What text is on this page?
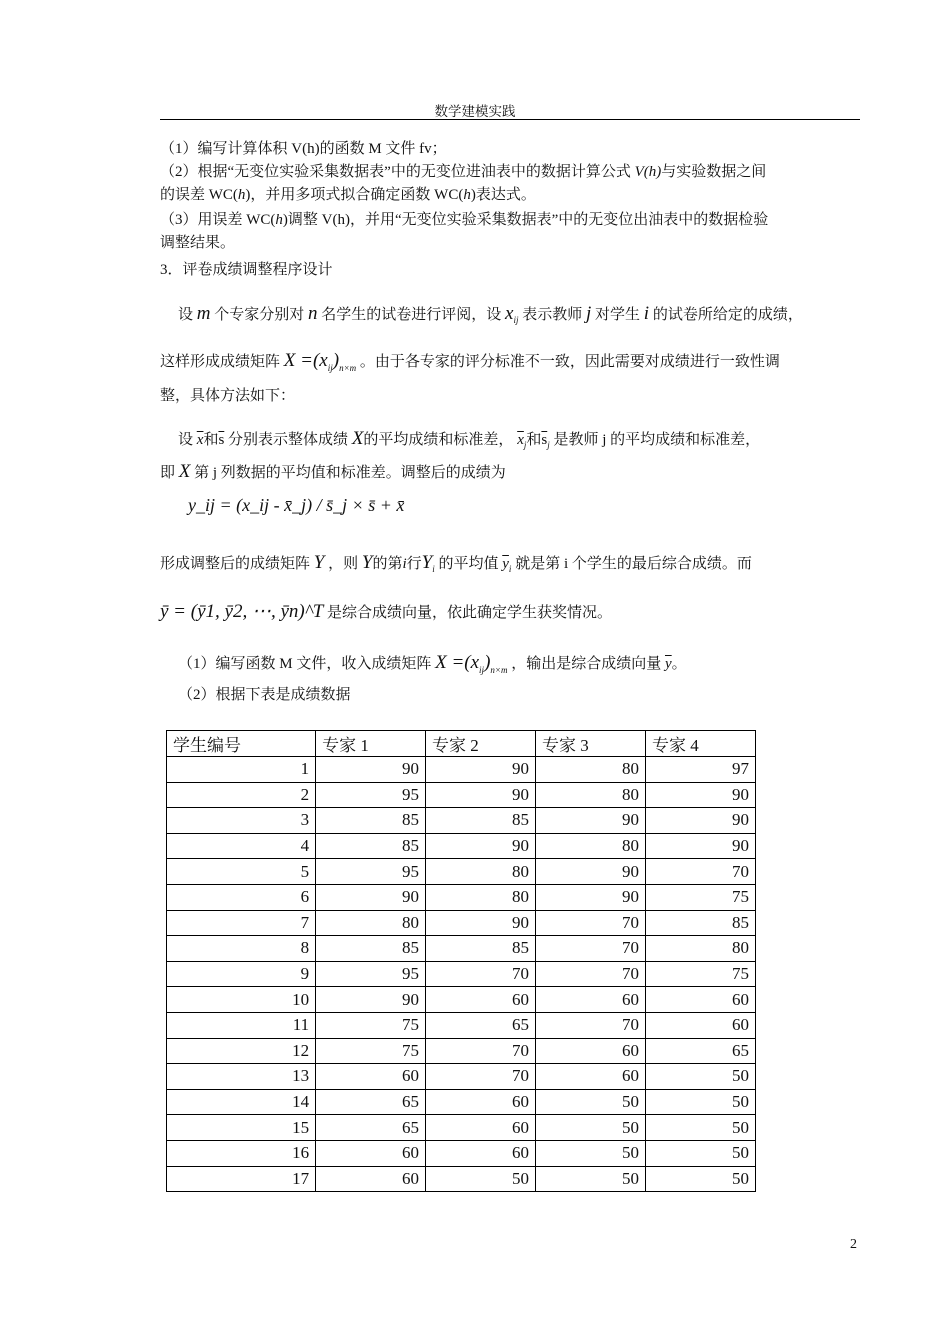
数学建模实践
（1）编写计算体积 V(h)的函数 M 文件 fv；
（2）根据“无变位实验采集数据表”中的无变位进油表中的数据计算公式 V(h)与实验数据之间
的误差 WC(h)，并用多项式拟合确定函数 WC(h)表达式。
（3）用误差 WC(h)调整 V(h)，并用“无变位实验采集数据表”中的无变位出油表中的数据检验
调整结果。
3．评卷成绩调整程序设计
设 m 个专家分别对 n 名学生的试卷进行评阅，设 $x_{ij}$ 表示教师 j 对学生 i 的试卷所给定的成绩，
这样形成成绩矩阵 $X =(x_{ij})_{n\times m}$ 。由于各专家的评分标准不一致，因此需要对成绩进行一致性调
整，具体方法如下：
设 $\overline{x}$和$\overline{s}$ 分别表示整体成绩 X的平均成绩和标准差， $\overline{x}_j$和$\overline{s}_j$ 是教师 j 的平均成绩和标准差，
即 X 第 j 列数据的平均值和标准差。调整后的成绩为
y_ij = (x_ij - x̄_j) / s̄_j × s̄ + x̄
形成调整后的成绩矩阵 Y ，则 Y的第i行$Y_i$ 的平均值 $\overline{y}_i$ 就是第 i 个学生的最后综合成绩。而
ȳ = (ȳ1, ȳ2, ⋯, ȳn)^T 是综合成绩向量，依此确定学生获奖情况。
（1）编写函数 M 文件，收入成绩矩阵 $X =(x_{ij})_{n\times m}$ ，输出是综合成绩向量 $\overline{y}$。
（2）根据下表是成绩数据
学生编号	专家 1	专家 2	专家 3	专家 4
1	90	90	80	97
2	95	90	80	90
3	85	85	90	90
4	85	90	80	90
5	95	80	90	70
6	90	80	90	75
7	80	90	70	85
8	85	85	70	80
9	95	70	70	75
10	90	60	60	60
11	75	65	70	60
12	75	70	60	65
13	60	70	60	50
14	65	60	50	50
15	65	60	50	50
16	60	60	50	50
17	60	50	50	50
2
